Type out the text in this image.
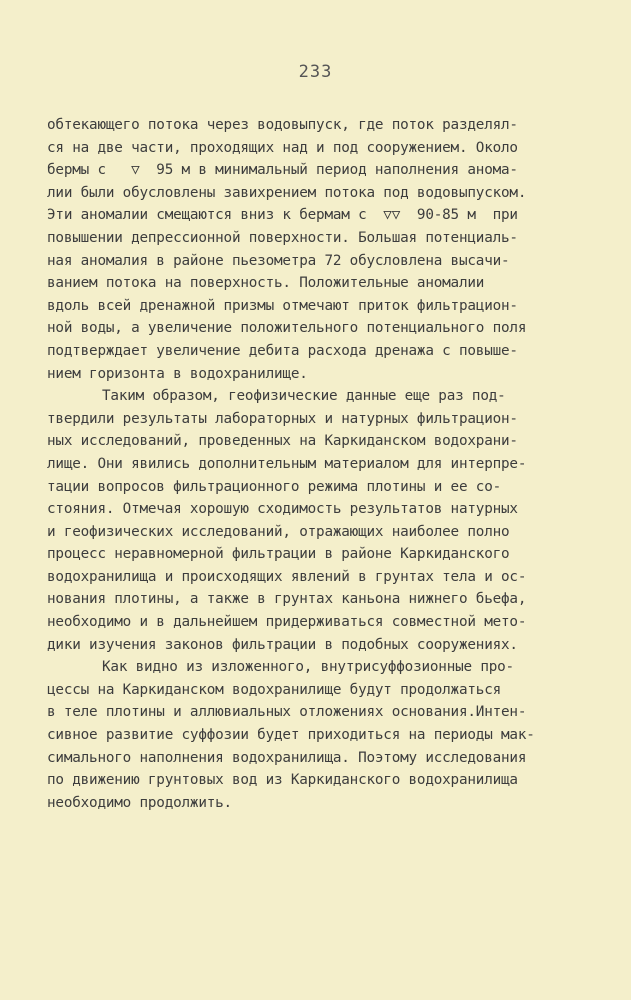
233
обтекающего потока через водовыпуск, где поток разделял-
ся на две части, проходящих над и под сооружением. Около
бермы с   ▽  95 м в минимальный период наполнения анома-
лии были обусловлены завихрением потока под водовыпуском.
Эти аномалии смещаются вниз к бермам с  ▽▽  90-85 м  при
повышении депрессионной поверхности. Большая потенциаль-
ная аномалия в районе пьезометра 72 обусловлена высачи-
ванием потока на поверхность. Положительные аномалии
вдоль всей дренажной призмы отмечают приток фильтрацион-
ной воды, а увеличение положительного потенциального поля
подтверждает увеличение дебита расхода дренажа с повыше-
нием горизонта в водохранилище.
Таким образом, геофизические данные еще раз под-
твердили результаты лабораторных и натурных фильтрацион-
ных исследований, проведенных на Каркиданском водохрани-
лище. Они явились дополнительным материалом для интерпре-
тации вопросов фильтрационного режима плотины и ее со-
стояния. Отмечая хорошую сходимость результатов натурных
и геофизических исследований, отражающих наиболее полно
процесс неравномерной фильтрации в районе Каркиданского
водохранилища и происходящих явлений в грунтах тела и ос-
нования плотины, а также в грунтах каньона нижнего бьефа,
необходимо и в дальнейшем придерживаться совместной мето-
дики изучения законов фильтрации в подобных сооружениях.
Как видно из изложенного, внутрисуффозионные про-
цессы на Каркиданском водохранилище будут продолжаться
в теле плотины и аллювиальных отложениях основания.Интен-
сивное развитие суффозии будет приходиться на периоды мак-
симального наполнения водохранилища. Поэтому исследования
по движению грунтовых вод из Каркиданского водохранилища
необходимо продолжить.
